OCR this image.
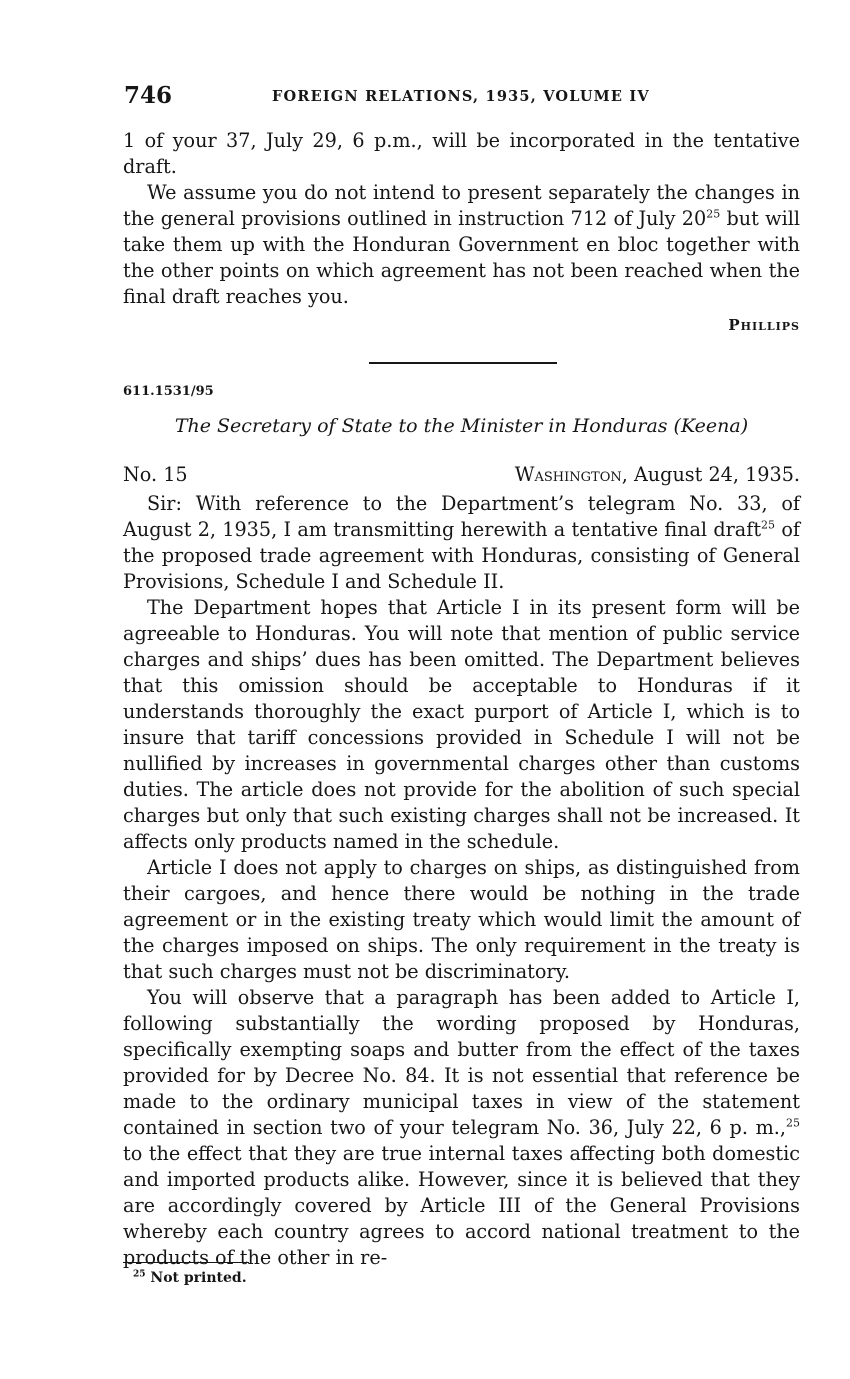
746	FOREIGN RELATIONS, 1935, VOLUME IV

1 of your 37, July 29, 6 p.m., will be incorporated in the tentative draft.

We assume you do not intend to present separately the changes in the general provisions outlined in instruction 712 of July 20$^{25}$ but will take them up with the Honduran Government en bloc together with the other points on which agreement has not been reached when the final draft reaches you.

Phillips

611.1531/95
The Secretary of State to the Minister in Honduras (Keena)
No. 15	Washington, August 24, 1935.

Sir: With reference to the Department’s telegram No. 33, of August 2, 1935, I am transmitting herewith a tentative final draft$^{25}$ of the proposed trade agreement with Honduras, consisting of General Provisions, Schedule I and Schedule II.

The Department hopes that Article I in its present form will be agreeable to Honduras. You will note that mention of public service charges and ships’ dues has been omitted. The Department believes that this omission should be acceptable to Honduras if it understands thoroughly the exact purport of Article I, which is to insure that tariff concessions provided in Schedule I will not be nullified by increases in governmental charges other than customs duties. The article does not provide for the abolition of such special charges but only that such existing charges shall not be increased. It affects only products named in the schedule.

Article I does not apply to charges on ships, as distinguished from their cargoes, and hence there would be nothing in the trade agreement or in the existing treaty which would limit the amount of the charges imposed on ships. The only requirement in the treaty is that such charges must not be discriminatory.

You will observe that a paragraph has been added to Article I, following substantially the wording proposed by Honduras, specifically exempting soaps and butter from the effect of the taxes provided for by Decree No. 84. It is not essential that reference be made to the ordinary municipal taxes in view of the statement contained in section two of your telegram No. 36, July 22, 6 p. m.,$^{25}$ to the effect that they are true internal taxes affecting both domestic and imported products alike. However, since it is believed that they are accordingly covered by Article III of the General Provisions whereby each country agrees to accord national treatment to the products of the other in re-

$^{25}$ Not printed.
